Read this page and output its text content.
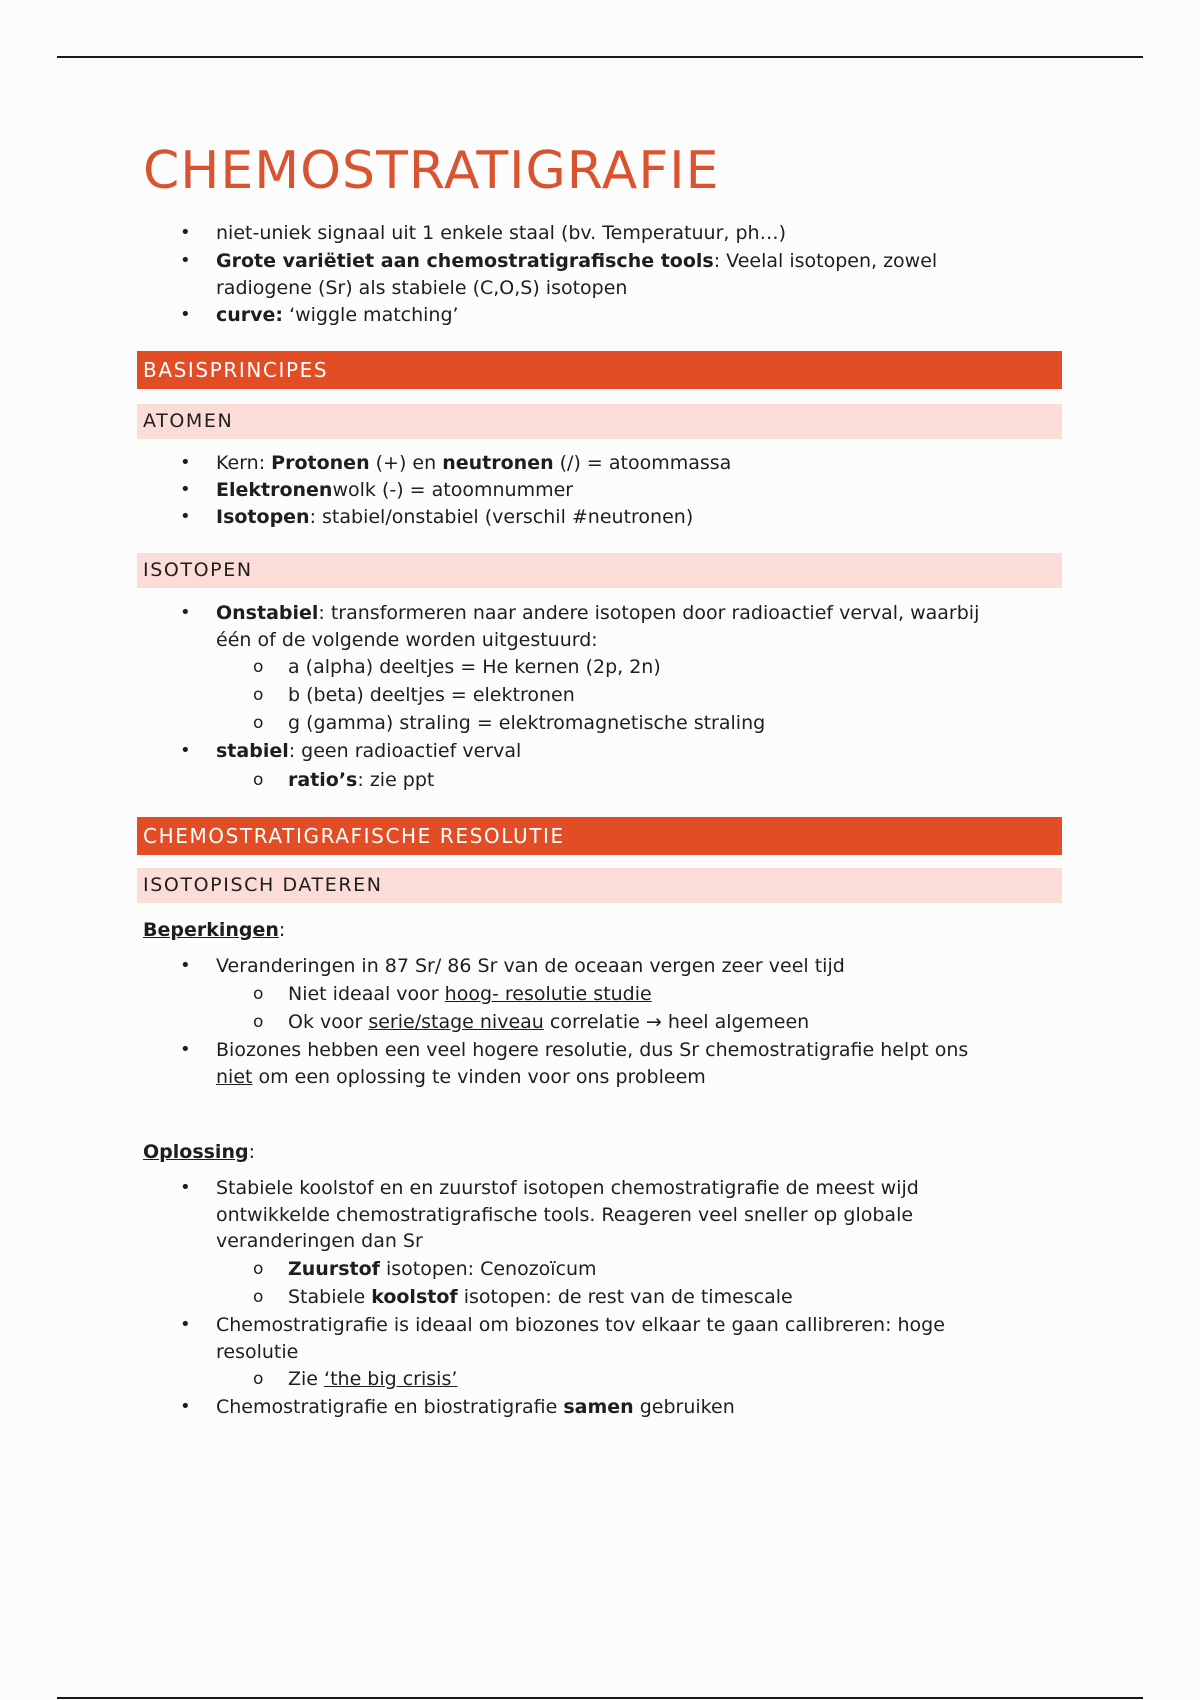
CHEMOSTRATIGRAFIE
• niet-uniek signaal uit 1 enkele staal (bv. Temperatuur, ph…)
• Grote variëtiet aan chemostratigrafische tools: Veelal isotopen, zowel
radiogene (Sr) als stabiele (C,O,S) isotopen
• curve: ‘wiggle matching’
BASISPRINCIPES
ATOMEN
• Kern: Protonen (+) en neutronen (/) = atoommassa
• Elektronenwolk (-) = atoomnummer
• Isotopen: stabiel/onstabiel (verschil #neutronen)
ISOTOPEN
• Onstabiel: transformeren naar andere isotopen door radioactief verval, waarbij
één of de volgende worden uitgestuurd:
o a (alpha) deeltjes = He kernen (2p, 2n)
o b (beta) deeltjes = elektronen
o g (gamma) straling = elektromagnetische straling
• stabiel: geen radioactief verval
o ratio’s: zie ppt
CHEMOSTRATIGRAFISCHE RESOLUTIE
ISOTOPISCH DATEREN
Beperkingen:
• Veranderingen in 87 Sr/ 86 Sr van de oceaan vergen zeer veel tijd
o Niet ideaal voor hoog- resolutie studie
o Ok voor serie/stage niveau correlatie → heel algemeen
• Biozones hebben een veel hogere resolutie, dus Sr chemostratigrafie helpt ons
niet om een oplossing te vinden voor ons probleem
Oplossing:
• Stabiele koolstof en en zuurstof isotopen chemostratigrafie de meest wijd
ontwikkelde chemostratigrafische tools. Reageren veel sneller op globale
veranderingen dan Sr
o Zuurstof isotopen: Cenozoïcum
o Stabiele koolstof isotopen: de rest van de timescale
• Chemostratigrafie is ideaal om biozones tov elkaar te gaan callibreren: hoge
resolutie
o Zie ‘the big crisis’
• Chemostratigrafie en biostratigrafie samen gebruiken
